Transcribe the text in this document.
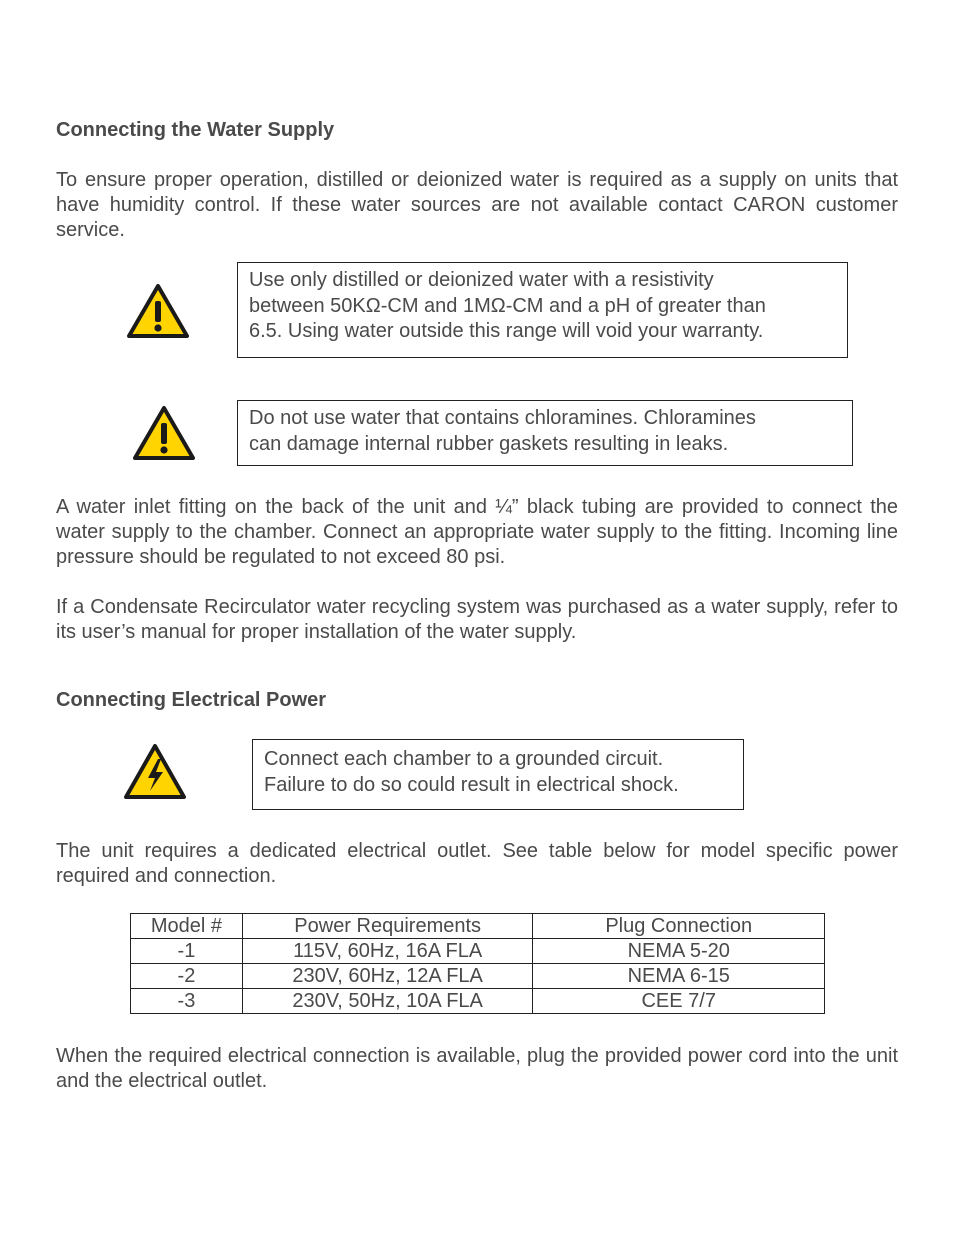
Connecting the Water Supply

To ensure proper operation, distilled or deionized water is required as a supply on units that have humidity control. If these water sources are not available contact CARON customer service.

Use only distilled or deionized water with a resistivity
between 50KΩ-CM and 1MΩ-CM and a pH of greater than
6.5. Using water outside this range will void your warranty.
Do not use water that contains chloramines. Chloramines
can damage internal rubber gaskets resulting in leaks.

A water inlet fitting on the back of the unit and ¼” black tubing are provided to connect the water supply to the chamber. Connect an appropriate water supply to the fitting. Incoming line pressure should be regulated to not exceed 80 psi.

If a Condensate Recirculator water recycling system was purchased as a water supply, refer to its user’s manual for proper installation of the water supply.

Connecting Electrical Power
Connect each chamber to a grounded circuit.
Failure to do so could result in electrical shock.

The unit requires a dedicated electrical outlet. See table below for model specific power required and connection.

Model #	Power Requirements	Plug Connection
-1	115V, 60Hz, 16A FLA	NEMA 5-20
-2	230V, 60Hz, 12A FLA	NEMA 6-15
-3	230V, 50Hz, 10A FLA	CEE 7/7

When the required electrical connection is available, plug the provided power cord into the unit and the electrical outlet.
